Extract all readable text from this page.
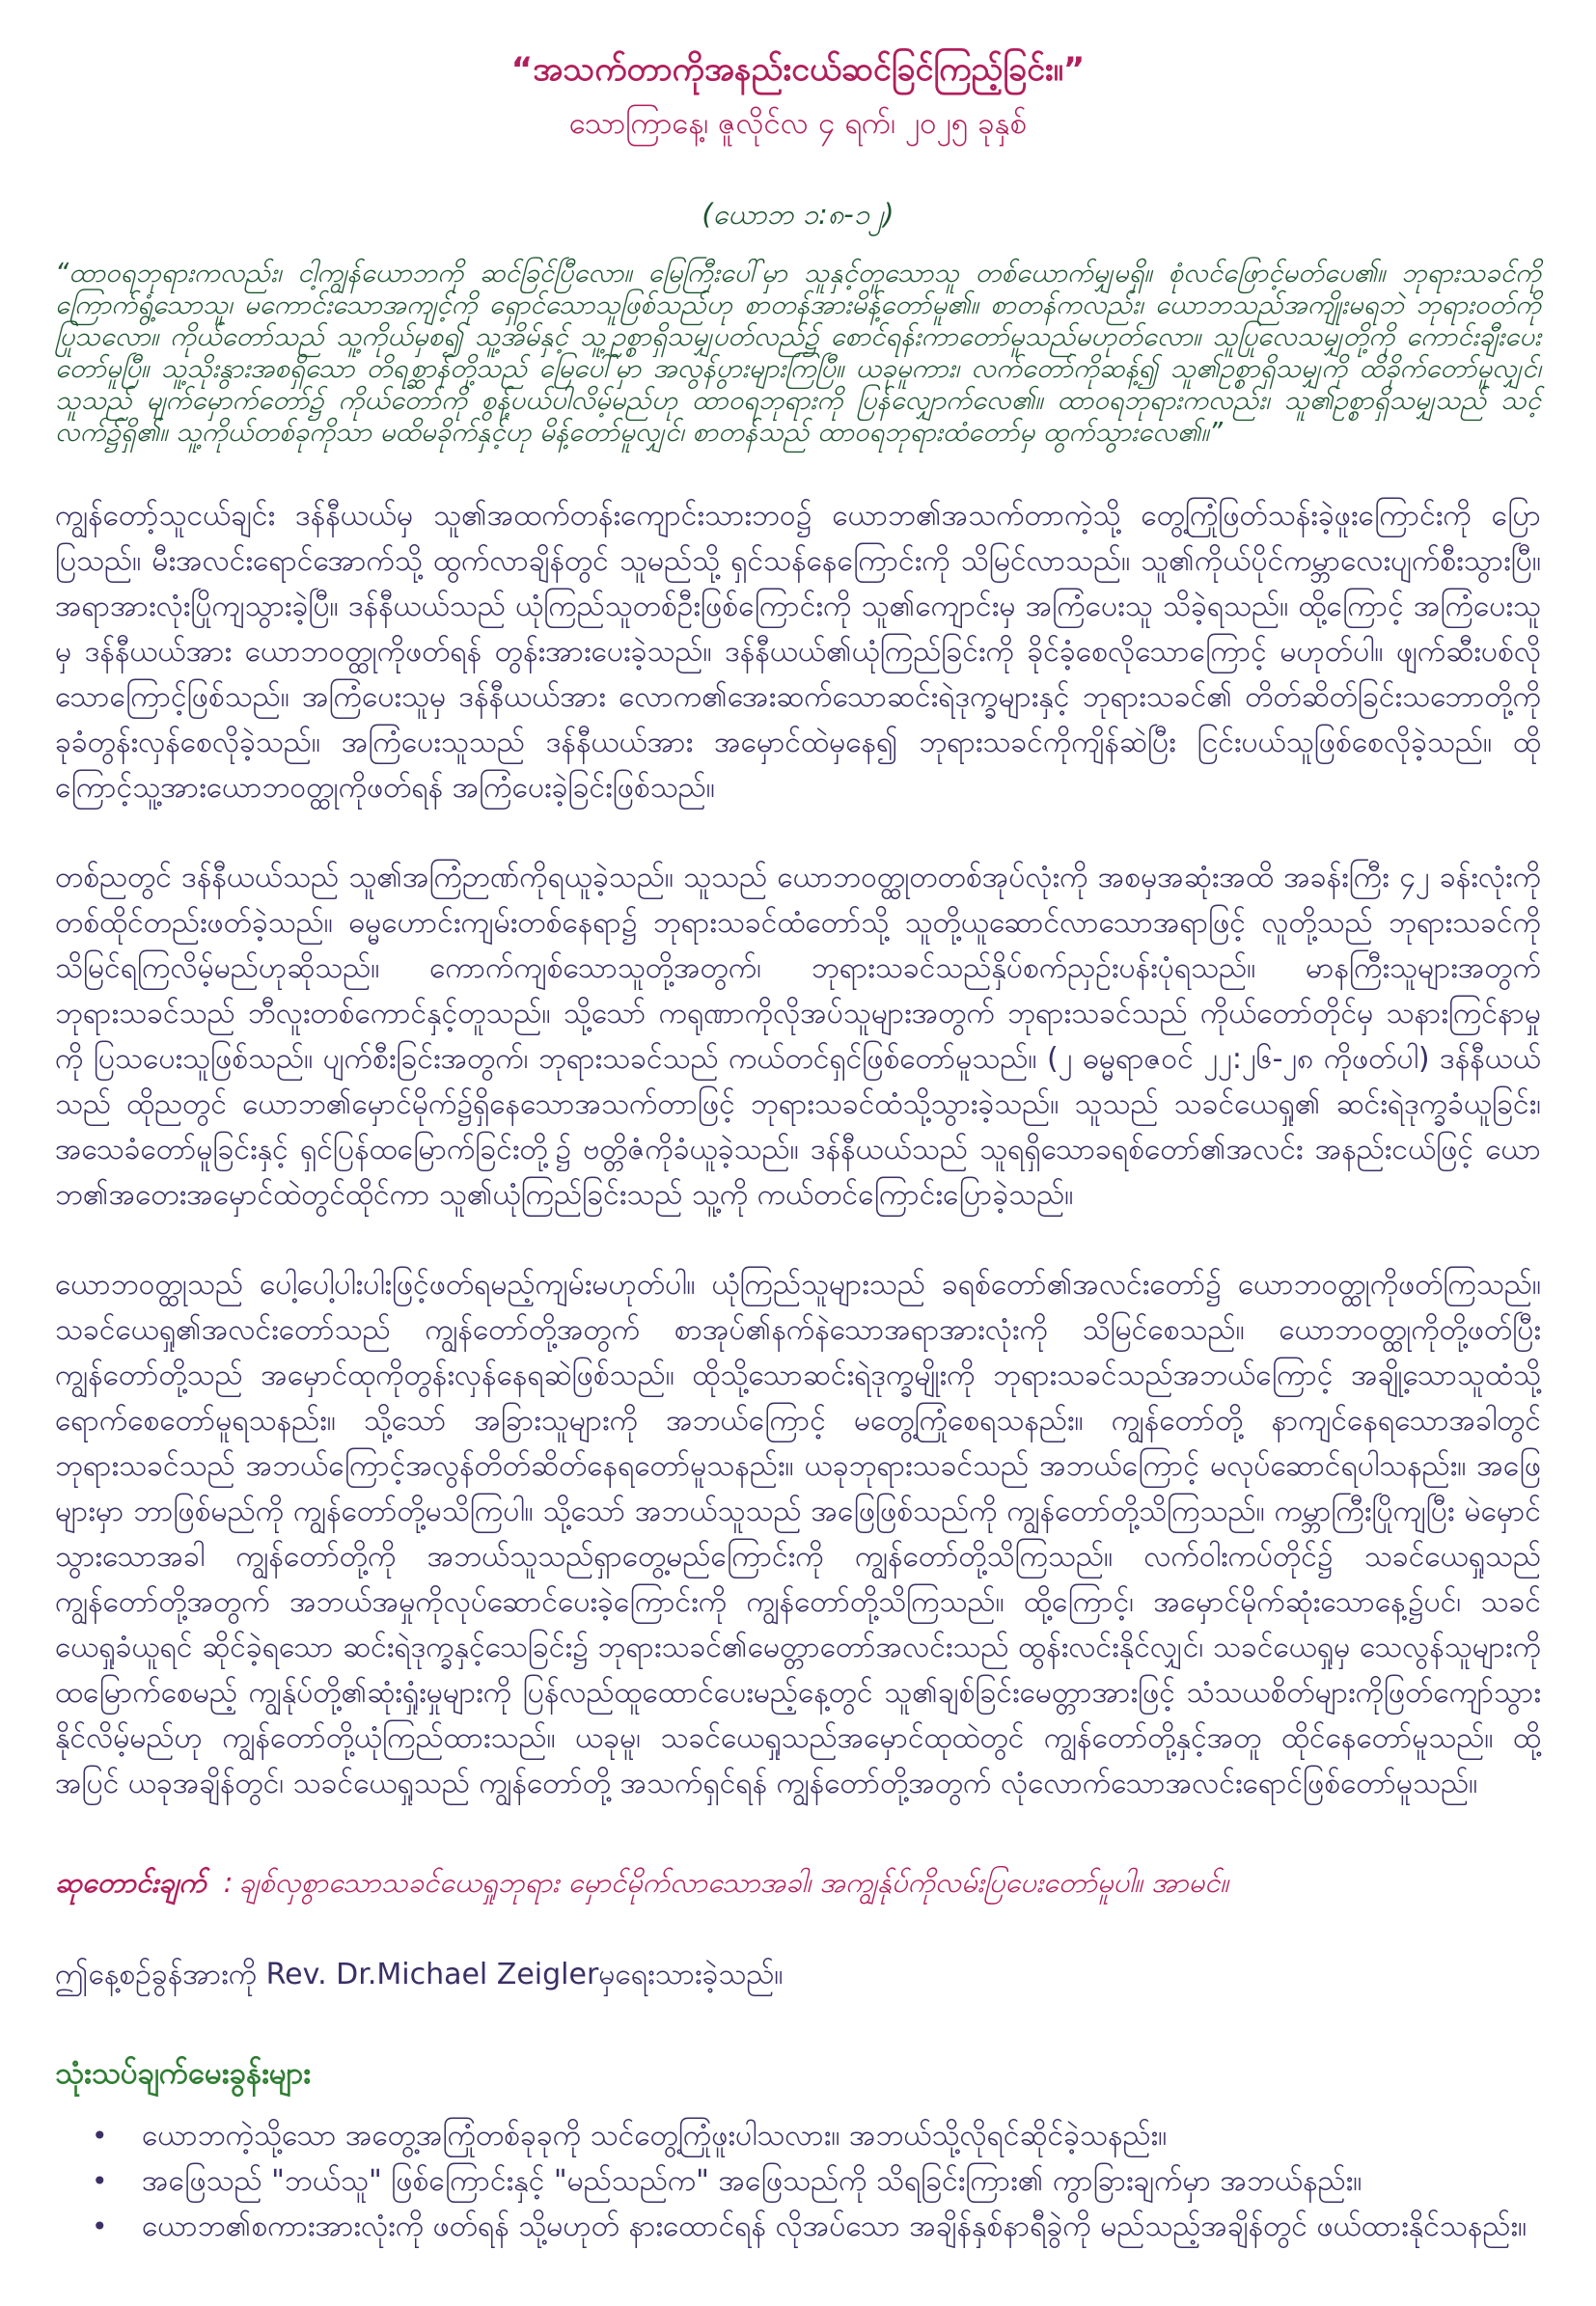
“အသက်တာကိုအနည်းငယ်ဆင်ခြင်ကြည့်ခြင်း။”
သောကြာနေ့၊ ဇူလိုင်လ ၄ ရက်၊ ၂၀၂၅ ခုနှစ်
(ယောဘ ၁:၈-၁၂)
“ထာဝရဘုရားကလည်း၊ ငါ့ကျွန်ယောဘကို ဆင်ခြင်ပြီလော။ မြေကြီးပေါ်မှာ သူနှင့်တူသောသူ တစ်ယောက်မျှမရှိ။ စုံလင်ဖြောင့်မတ်ပေ၏။ ဘုရားသခင်ကို ကြောက်ရွံ့သောသူ၊ မကောင်းသောအကျင့်ကို ရှောင်သောသူဖြစ်သည်ဟု စာတန်အားမိန့်တော်မူ၏။ စာတန်ကလည်း၊ ယောဘသည်အကျိုးမရဘဲ ဘုရားဝတ်ကို ပြုသလော။ ကိုယ်တော်သည် သူ့ကိုယ်မှစ၍ သူ့အိမ်နှင့် သူ့ဥစ္စာရှိသမျှပတ်လည်၌ စောင်ရန်းကာတော်မူသည်မဟုတ်လော။ သူပြုလေသမျှတို့ကို ကောင်းချီးပေးတော်မူပြီ။ သူ့သိုးနွားအစရှိသော တိရစ္ဆာန်တို့သည် မြေပေါ်မှာ အလွန်ပွားများကြပြီ။ ယခုမူကား၊ လက်တော်ကိုဆန့်၍ သူ၏ဥစ္စာရှိသမျှကို ထိခိုက်တော်မူလျှင်၊ သူသည် မျက်မှောက်တော်၌ ကိုယ်တော်ကို စွန့်ပယ်ပါလိမ့်မည်ဟု ထာဝရဘုရားကို ပြန်လျှောက်လေ၏။ ထာဝရဘုရားကလည်း၊ သူ၏ဥစ္စာရှိသမျှသည် သင့်လက်၌ရှိ၏။ သူ့ကိုယ်တစ်ခုကိုသာ မထိမခိုက်နှင့်ဟု မိန့်တော်မူလျှင်၊ စာတန်သည် ထာဝရဘုရားထံတော်မှ ထွက်သွားလေ၏။”
ကျွန်တော့်သူငယ်ချင်း ဒန်နီယယ်မှ သူ၏အထက်တန်းကျောင်းသားဘဝ၌ ယောဘ၏အသက်တာကဲ့သို့ တွေ့ကြုံဖြတ်သန်းခဲ့ဖူးကြောင်းကို ပြောပြသည်။ မီးအလင်းရောင်အောက်သို့ ထွက်လာချိန်တွင် သူမည်သို့ ရှင်သန်နေကြောင်းကို သိမြင်လာသည်။ သူ၏ကိုယ်ပိုင်ကမ္ဘာလေးပျက်စီးသွားပြီ။ အရာအားလုံးပြိုကျသွားခဲ့ပြီ။ ဒန်နီယယ်သည် ယုံကြည်သူတစ်ဦးဖြစ်ကြောင်းကို သူ၏ကျောင်းမှ အကြံပေးသူ သိခဲ့ရသည်။ ထို့ကြောင့် အကြံပေးသူမှ ဒန်နီယယ်အား ယောဘဝတ္ထုကိုဖတ်ရန် တွန်းအားပေးခဲ့သည်။ ဒန်နီယယ်၏ယုံကြည်ခြင်းကို ခိုင်ခံ့စေလိုသောကြောင့် မဟုတ်ပါ။ ဖျက်ဆီးပစ်လိုသောကြောင့်ဖြစ်သည်။ အကြံပေးသူမှ ဒန်နီယယ်အား လောက၏အေးဆက်သောဆင်းရဲဒုက္ခများနှင့် ဘုရားသခင်၏ တိတ်ဆိတ်ခြင်းသဘောတို့ကို ခုခံတွန်းလှန်စေလိုခဲ့သည်။ အကြံပေးသူသည် ဒန်နီယယ်အား အမှောင်ထဲမှနေ၍ ဘုရားသခင်ကိုကျိန်ဆဲပြီး ငြင်းပယ်သူဖြစ်စေလိုခဲ့သည်။ ထိုကြောင့်သူ့အားယောဘဝတ္ထုကိုဖတ်ရန် အကြံပေးခဲ့ခြင်းဖြစ်သည်။
တစ်ညတွင် ဒန်နီယယ်သည် သူ၏အကြံဉာဏ်ကိုရယူခဲ့သည်။ သူသည် ယောဘဝတ္ထုတတစ်အုပ်လုံးကို အစမှအဆုံးအထိ အခန်းကြီး ၄၂ ခန်းလုံးကို တစ်ထိုင်တည်းဖတ်ခဲ့သည်။ ဓမ္မဟောင်းကျမ်းတစ်နေရာ၌ ဘုရားသခင်ထံတော်သို့ သူတို့ယူဆောင်လာသောအရာဖြင့် လူတို့သည် ဘုရားသခင်ကို သိမြင်ရကြလိမ့်မည်ဟုဆိုသည်။ ကောက်ကျစ်သောသူတို့အတွက်၊ ဘုရားသခင်သည်နှိပ်စက်ညှဉ်းပန်းပုံရသည်။ မာနကြီးသူများအတွက် ဘုရားသခင်သည် ဘီလူးတစ်ကောင်နှင့်တူသည်။ သို့သော် ကရုဏာကိုလိုအပ်သူများအတွက် ဘုရားသခင်သည် ကိုယ်တော်တိုင်မှ သနားကြင်နာမှုကို ပြသပေးသူဖြစ်သည်။ ပျက်စီးခြင်းအတွက်၊ ဘုရားသခင်သည် ကယ်တင်ရှင်ဖြစ်တော်မူသည်။ (၂ ဓမ္မရာဇဝင် ၂၂:၂၆-၂၈ ကိုဖတ်ပါ) ဒန်နီယယ်သည် ထိုညတွင် ယောဘ၏မှောင်မိုက်၌ရှိနေသောအသက်တာဖြင့် ဘုရားသခင်ထံသို့သွားခဲ့သည်။ သူသည် သခင်ယေရှု၏ ဆင်းရဲဒုက္ခခံယူခြင်း၊ အသေခံတော်မူခြင်းနှင့် ရှင်ပြန်ထမြောက်ခြင်းတို့၌ ဗတ္တိဇံကိုခံယူခဲ့သည်။ ဒန်နီယယ်သည် သူရရှိသောခရစ်တော်၏အလင်း အနည်းငယ်ဖြင့် ယောဘ၏အတေးအမှောင်ထဲတွင်ထိုင်ကာ သူ၏ယုံကြည်ခြင်းသည် သူ့ကို ကယ်တင်ကြောင်းပြောခဲ့သည်။
ယောဘဝတ္ထုသည် ပေါ့ပေါ့ပါးပါးဖြင့်ဖတ်ရမည့်ကျမ်းမဟုတ်ပါ။ ယုံကြည်သူများသည် ခရစ်တော်၏အလင်းတော်၌ ယောဘဝတ္ထုကိုဖတ်ကြသည်။ သခင်ယေရှု၏အလင်းတော်သည် ကျွန်တော်တို့အတွက် စာအုပ်၏နက်နဲသောအရာအားလုံးကို သိမြင်စေသည်။ ယောဘဝတ္ထုကိုတို့ဖတ်ပြီး ကျွန်တော်တို့သည် အမှောင်ထုကိုတွန်းလှန်နေရဆဲဖြစ်သည်။ ထိုသို့သောဆင်းရဲဒုက္ခမျိုးကို ဘုရားသခင်သည်အဘယ်ကြောင့် အချို့သောသူထံသို့ရောက်စေတော်မူရသနည်း။ သို့သော် အခြားသူများကို အဘယ်ကြောင့် မတွေ့ကြုံစေရသနည်း။ ကျွန်တော်တို့ နာကျင်နေရသောအခါတွင် ဘုရားသခင်သည် အဘယ်ကြောင့်အလွန်တိတ်ဆိတ်နေရတော်မူသနည်း။ ယခုဘုရားသခင်သည် အဘယ်ကြောင့် မလုပ်ဆောင်ရပါသနည်း။ အဖြေများမှာ ဘာဖြစ်မည်ကို ကျွန်တော်တို့မသိကြပါ။ သို့သော် အဘယ်သူသည် အဖြေဖြစ်သည်ကို ကျွန်တော်တို့သိကြသည်။ ကမ္ဘာကြီးပြိုကျပြီး မဲမှောင်သွားသောအခါ ကျွန်တော်တို့ကို အဘယ်သူသည်ရှာတွေ့မည်ကြောင်းကို ကျွန်တော်တို့သိကြသည်။ လက်ဝါးကပ်တိုင်၌ သခင်ယေရှုသည် ကျွန်တော်တို့အတွက် အဘယ်အမှုကိုလုပ်ဆောင်ပေးခဲ့ကြောင်းကို ကျွန်တော်တို့သိကြသည်။ ထို့ကြောင့်၊ အမှောင်မိုက်ဆုံးသောနေ့၌ပင်၊ သခင်ယေရှုခံယူရင် ဆိုင်ခဲ့ရသော ဆင်းရဲဒုက္ခနှင့်သေခြင်း၌ ဘုရားသခင်၏မေတ္တာတော်အလင်းသည် ထွန်းလင်းနိုင်လျှင်၊ သခင်ယေရှုမှ သေလွန်သူများကို ထမြောက်စေမည့် ကျွန်ုပ်တို့၏ဆုံးရှုံးမှုများကို ပြန်လည်ထူထောင်ပေးမည့်နေ့တွင် သူ၏ချစ်ခြင်းမေတ္တာအားဖြင့် သံသယစိတ်များကိုဖြတ်ကျော်သွားနိုင်လိမ့်မည်ဟု ကျွန်တော်တို့ယုံကြည်ထားသည်။ ယခုမူ၊ သခင်ယေရှုသည်အမှောင်ထုထဲတွင် ကျွန်တော်တို့နှင့်အတူ ထိုင်နေတော်မူသည်။ ထို့အပြင် ယခုအချိန်တွင်၊ သခင်ယေရှုသည် ကျွန်တော်တို့ အသက်ရှင်ရန် ကျွန်တော်တို့အတွက် လုံလောက်သောအလင်းရောင်ဖြစ်တော်မူသည်။
ဆုတောင်းချက် : ချစ်လှစွာသောသခင်ယေရှုဘုရား မှောင်မိုက်လာသောအခါ၊ အကျွန်ုပ်ကိုလမ်းပြပေးတော်မူပါ။ အာမင်။
ဤနေ့စဉ်ခွန်အားကို Rev. Dr.Michael Zeiglerမှရေးသားခဲ့သည်။
သုံးသပ်ချက်မေးခွန်းများ
•	ယောဘကဲ့သို့သော အတွေ့အကြုံတစ်ခုခုကို သင်တွေ့ကြုံဖူးပါသလား။ အဘယ်သို့လိုရင်ဆိုင်ခဲ့သနည်း။
•	အဖြေသည် "ဘယ်သူ" ဖြစ်ကြောင်းနှင့် "မည်သည်က" အဖြေသည်ကို သိရခြင်းကြား၏ ကွာခြားချက်မှာ အဘယ်နည်း။
•	ယောဘ၏စကားအားလုံးကို ဖတ်ရန် သို့မဟုတ် နားထောင်ရန် လိုအပ်သော အချိန်နှစ်နာရီခွဲကို မည်သည့်အချိန်တွင် ဖယ်ထားနိုင်သနည်း။
